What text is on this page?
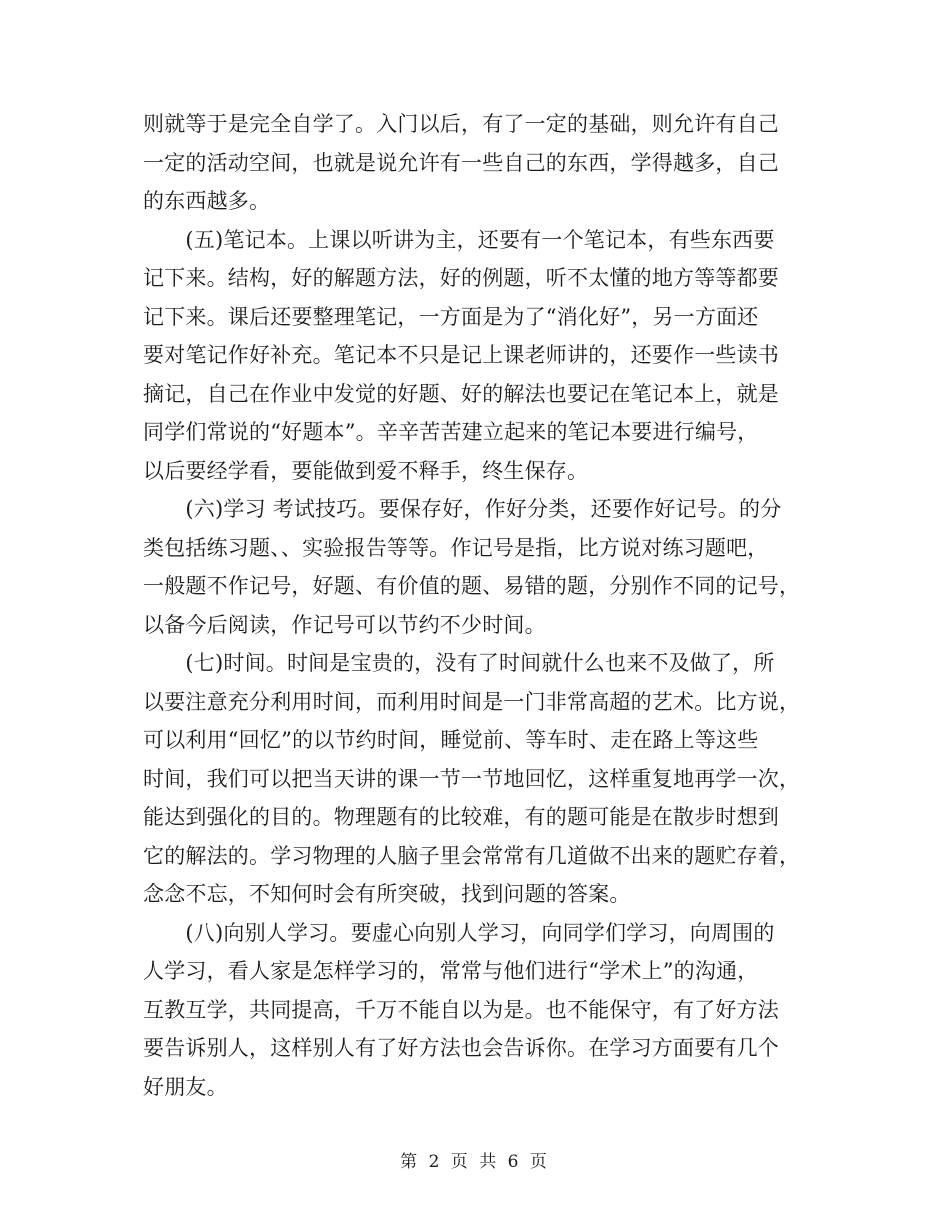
则就等于是完全自学了。入门以后，有了一定的基础，则允许有自己
一定的活动空间，也就是说允许有一些自己的东西，学得越多，自己
的东西越多。
　　(五)笔记本。上课以听讲为主，还要有一个笔记本，有些东西要
记下来。结构，好的解题方法，好的例题，听不太懂的地方等等都要
记下来。课后还要整理笔记，一方面是为了“消化好”，另一方面还
要对笔记作好补充。笔记本不只是记上课老师讲的，还要作一些读书
摘记，自己在作业中发觉的好题、好的解法也要记在笔记本上，就是
同学们常说的“好题本”。辛辛苦苦建立起来的笔记本要进行编号，
以后要经学看，要能做到爱不释手，终生保存。
　　(六)学习 考试技巧。要保存好，作好分类，还要作好记号。的分
类包括练习题、、实验报告等等。作记号是指，比方说对练习题吧，
一般题不作记号，好题、有价值的题、易错的题，分别作不同的记号，
以备今后阅读，作记号可以节约不少时间。
　　(七)时间。时间是宝贵的，没有了时间就什么也来不及做了，所
以要注意充分利用时间，而利用时间是一门非常高超的艺术。比方说，
可以利用“回忆”的以节约时间，睡觉前、等车时、走在路上等这些
时间，我们可以把当天讲的课一节一节地回忆，这样重复地再学一次，
能达到强化的目的。物理题有的比较难，有的题可能是在散步时想到
它的解法的。学习物理的人脑子里会常常有几道做不出来的题贮存着，
念念不忘，不知何时会有所突破，找到问题的答案。
　　(八)向别人学习。要虚心向别人学习，向同学们学习，向周围的
人学习，看人家是怎样学习的，常常与他们进行“学术上”的沟通，
互教互学，共同提高，千万不能自以为是。也不能保守，有了好方法
要告诉别人，这样别人有了好方法也会告诉你。在学习方面要有几个
好朋友。
第 2 页 共 6 页
